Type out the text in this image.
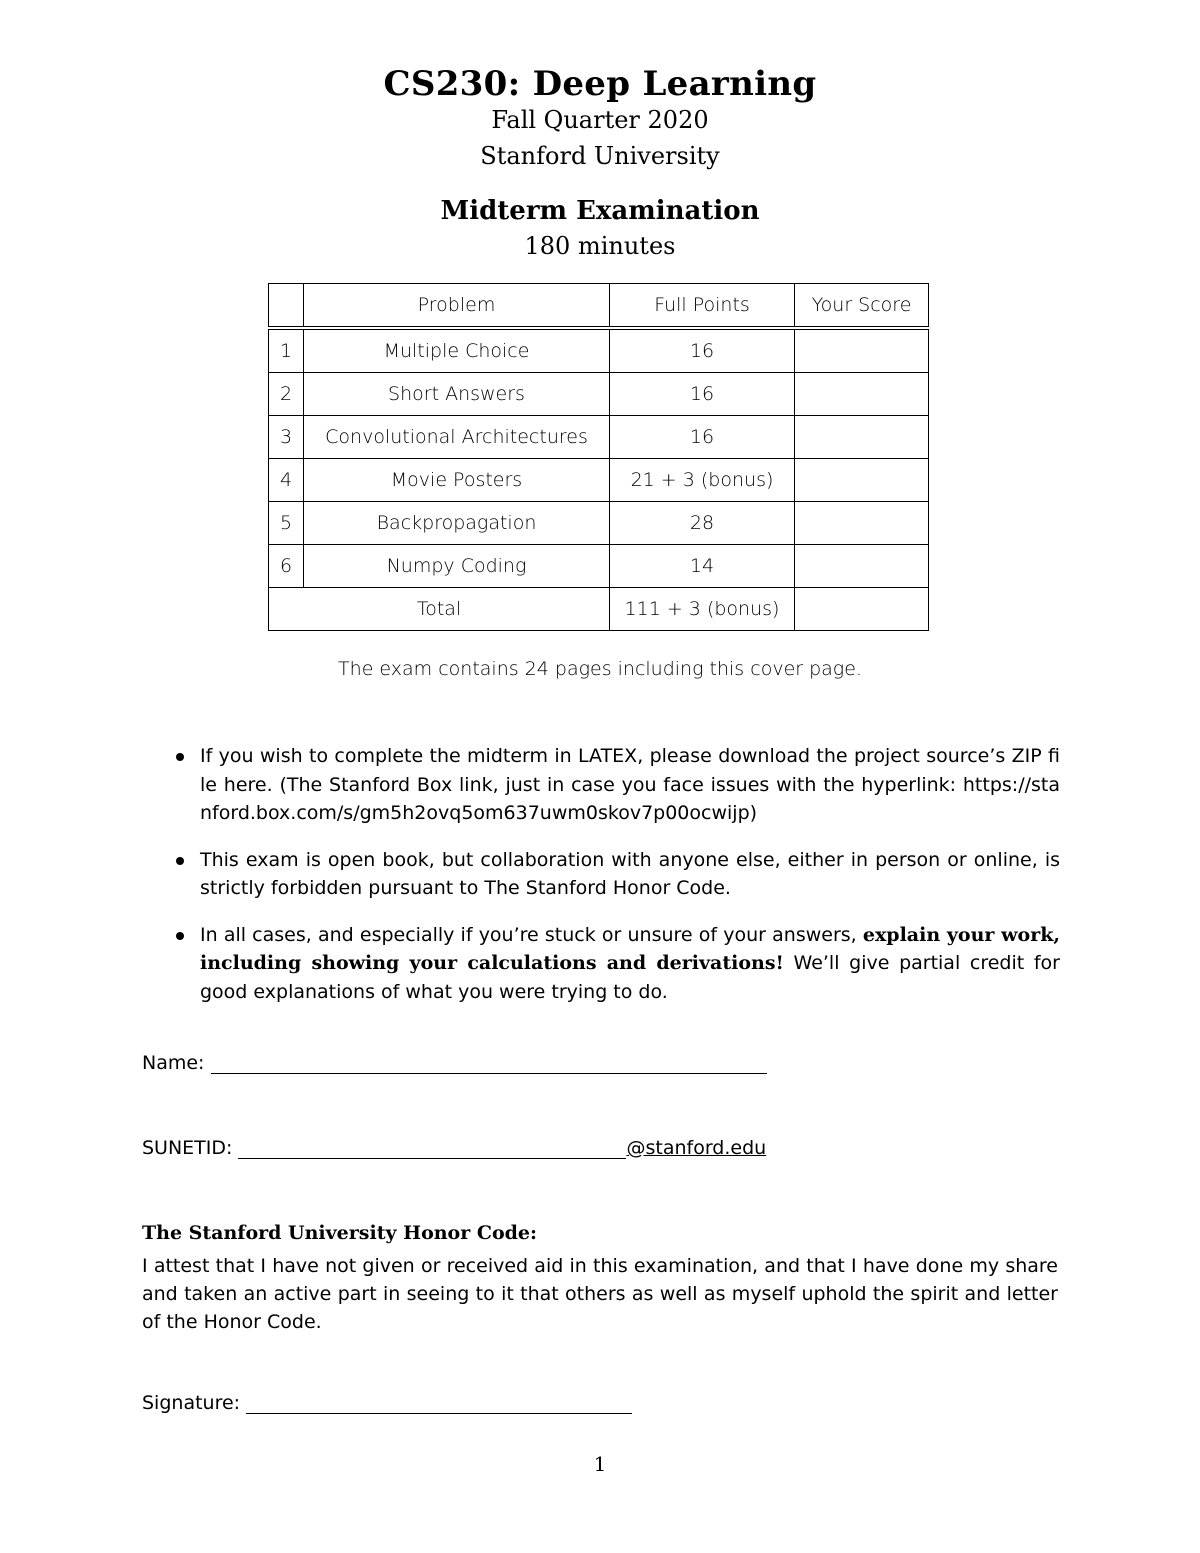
CS230: Deep Learning
Fall Quarter 2020
Stanford University
Midterm Examination
180 minutes
	Problem	Full Points	Your Score
1	Multiple Choice	16	
2	Short Answers	16	
3	Convolutional Architectures	16	
4	Movie Posters	21 + 3 (bonus)	
5	Backpropagation	28	
6	Numpy Coding	14	
Total		111 + 3 (bonus)	
The exam contains 24 pages including this cover page.

If you wish to complete the midterm in LATEX, please download the project source’s ZIP file here. (The Stanford Box link, just in case you face issues with the hyperlink: https://stanford.box.com/s/gm5h2ovq5om637uwm0skov7p00ocwijp)

This exam is open book, but collaboration with anyone else, either in person or online, is strictly forbidden pursuant to The Stanford Honor Code.

In all cases, and especially if you’re stuck or unsure of your answers, explain your work, including showing your calculations and derivations! We’ll give partial credit for good explanations of what you were trying to do.

Name:
SUNETID:	@stanford.edu
The Stanford University Honor Code:

I attest that I have not given or received aid in this examination, and that I have done my share and taken an active part in seeing to it that others as well as myself uphold the spirit and letter of the Honor Code.

Signature:
1
